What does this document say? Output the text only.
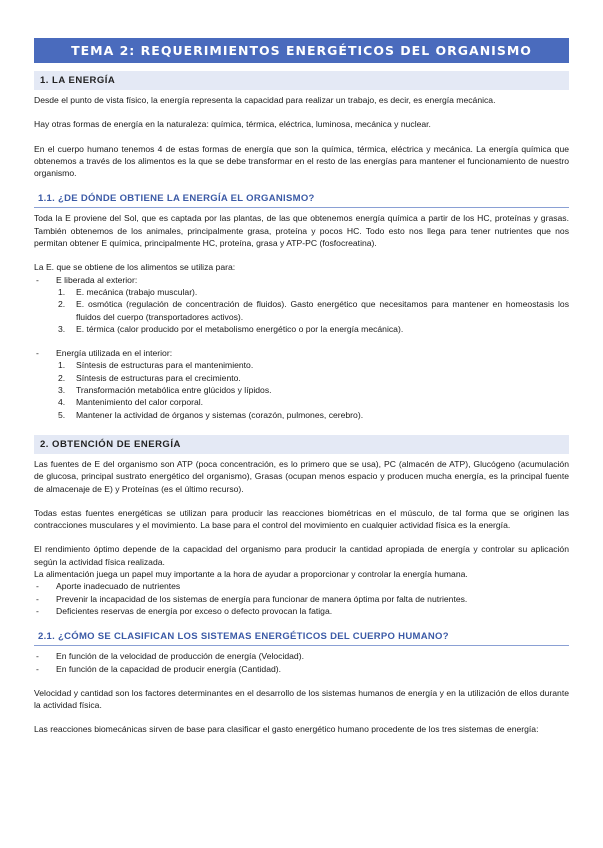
TEMA 2: REQUERIMIENTOS ENERGÉTICOS DEL ORGANISMO
1. LA ENERGÍA

Desde el punto de vista físico, la energía representa la capacidad para realizar un trabajo, es decir, es energía mecánica.

Hay otras formas de energía en la naturaleza: química, térmica, eléctrica, luminosa, mecánica y nuclear.

En el cuerpo humano tenemos 4 de estas formas de energía que son la química, térmica, eléctrica y mecánica. La energía química que obtenemos a través de los alimentos es la que se debe transformar en el resto de las energías para mantener el funcionamiento de nuestro organismo.

1.1. ¿DE DÓNDE OBTIENE LA ENERGÍA EL ORGANISMO?

Toda la E proviene del Sol, que es captada por las plantas, de las que obtenemos energía química a partir de los HC, proteínas y grasas. También obtenemos de los animales, principalmente grasa, proteína y pocos HC. Todo esto nos llega para tener nutrientes que nos permitan obtener E química, principalmente HC, proteína, grasa y ATP-PC (fosfocreatina).

La E. que se obtiene de los alimentos se utiliza para:

- E liberada al exterior:
1. E. mecánica (trabajo muscular).
2. E. osmótica (regulación de concentración de fluidos). Gasto energético que necesitamos para mantener en homeostasis los fluidos del cuerpo (transportadores activos).
3. E. térmica (calor producido por el metabolismo energético o por la energía mecánica).
- Energía utilizada en el interior:
1. Síntesis de estructuras para el mantenimiento.
2. Síntesis de estructuras para el crecimiento.
3. Transformación metabólica entre glúcidos y lípidos.
4. Mantenimiento del calor corporal.
5. Mantener la actividad de órganos y sistemas (corazón, pulmones, cerebro).
2. OBTENCIÓN DE ENERGÍA

Las fuentes de E del organismo son ATP (poca concentración, es lo primero que se usa), PC (almacén de ATP), Glucógeno (acumulación de glucosa, principal sustrato energético del organismo), Grasas (ocupan menos espacio y producen mucha energía, es la principal fuente de almacenaje de E) y Proteínas (es el último recurso).

Todas estas fuentes energéticas se utilizan para producir las reacciones biométricas en el músculo, de tal forma que se originen las contracciones musculares y el movimiento. La base para el control del movimiento en cualquier actividad física es la energía.

El rendimiento óptimo depende de la capacidad del organismo para producir la cantidad apropiada de energía y controlar su aplicación según la actividad física realizada.

La alimentación juega un papel muy importante a la hora de ayudar a proporcionar y controlar la energía humana.

- Aporte inadecuado de nutrientes
- Prevenir la incapacidad de los sistemas de energía para funcionar de manera óptima por falta de nutrientes.
- Deficientes reservas de energía por exceso o defecto provocan la fatiga.
2.1. ¿CÓMO SE CLASIFICAN LOS SISTEMAS ENERGÉTICOS DEL CUERPO HUMANO?
- En función de la velocidad de producción de energía (Velocidad).
- En función de la capacidad de producir energía (Cantidad).

Velocidad y cantidad son los factores determinantes en el desarrollo de los sistemas humanos de energía y en la utilización de ellos durante la actividad física.

Las reacciones biomecánicas sirven de base para clasificar el gasto energético humano procedente de los tres sistemas de energía:
